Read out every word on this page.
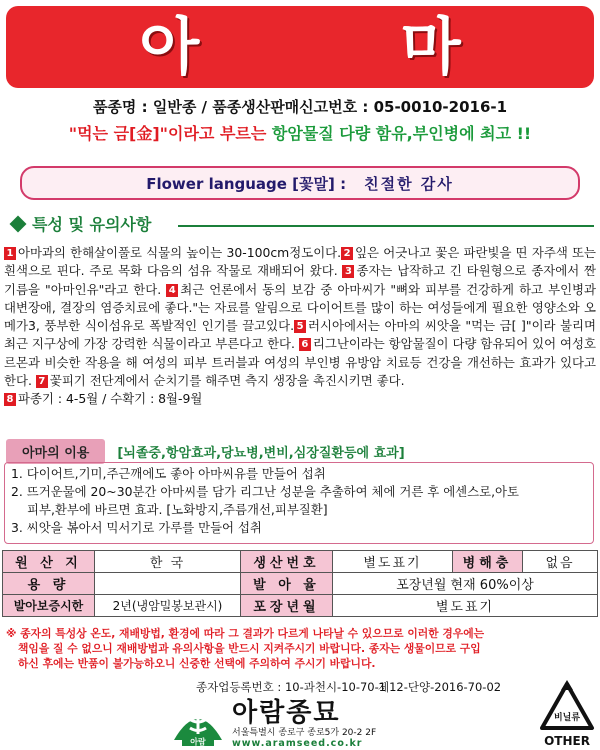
아 마
품종명 : 일반종 / 품종생산판매신고번호 : 05-0010-2016-1
"먹는 금[金]"이라고 부르는 항암물질 다량 함유,부인병에 최고 !!
Flower language [꽃말] : 친절한 감사
특성 및 유의사항
1 아마과의 한해살이풀로 식물의 높이는 30-100cm정도이다. 2 잎은 어긋나고 꽃은 파란빛을 띤 자주색 또는 흰색으로 핀다. 주로 목화 다음의 섬유 작물로 재배되어 왔다. 3 종자는 납작하고 긴 타원형으로 종자에서 짠 기름을 "아마인유"라고 한다. 4 최근 언론에서 동의 보감 중 아마씨가 "뼈와 피부를 건강하게 하고 부인병과 대변장애, 결장의 염증치료에 좋다."는 자료를 알림으로 다이어트를 많이 하는 여성들에게 필요한 영양소와 오메가3, 풍부한 식이섬유로 폭발적인 인기를 끌고있다. 5 러시아에서는 아마의 씨앗을 "먹는 금[ ]"이라 불리며 최근 지구상에 가장 강력한 식물이라고 부른다고 한다. 6 리그난이라는 항암물질이 다량 함유되어 있어 여성호르몬과 비슷한 작용을 해 여성의 피부 트러블과 여성의 부인병 유방암 치료등 건강을 개선하는 효과가 있다고 한다. 7 꽃피기 전단계에서 순치기를 해주면 측지 생장을 촉진시키면 좋다.
8 파종기 : 4-5월 / 수확기 : 8월-9월
아마의 이용	[뇌졸중,항암효과,당뇨병,변비,심장질환등에 효과]
1. 다이어트,기미,주근깨에도 좋아 아마씨유를 만들어 섭취
2. 뜨거운물에 20~30분간 아마씨를 담가 리그난 성분을 추출하여 체에 거른 후 에센스로,아토
피부,환부에 바르면 효과. [노화방지,주름개선,피부질환]
3. 씨앗을 볶아서 믹서기로 가루를 만들어 섭취
원 산 지	한 국	생산번호	별도표기	병해충	없음
용 량		발 아 율	포장년월 현재 60%이상		
발아보증시한	2년(냉암밀봉보관시)	포장년월	별도표기		
※ 종자의 특성상 온도, 재배방법, 환경에 따라 그 결과가 다르게 나타날 수 있으므로 이러한 경우에는
책임을 질 수 없으니 재배방법과 유의사항을 반드시 지켜주시기 바랍니다. 종자는 생물이므로 구입
하신 후에는 반품이 불가능하오니 신중한 선택에 주의하여 주시기 바랍니다.
종자업등록번호 : 10-과천시-10-70-1
제12-단양-2016-70-02
아람
아람종묘
서울특별시 종로구 종로5가 20-2 2F
www.aramseed.co.kr
비닐류
OTHER
